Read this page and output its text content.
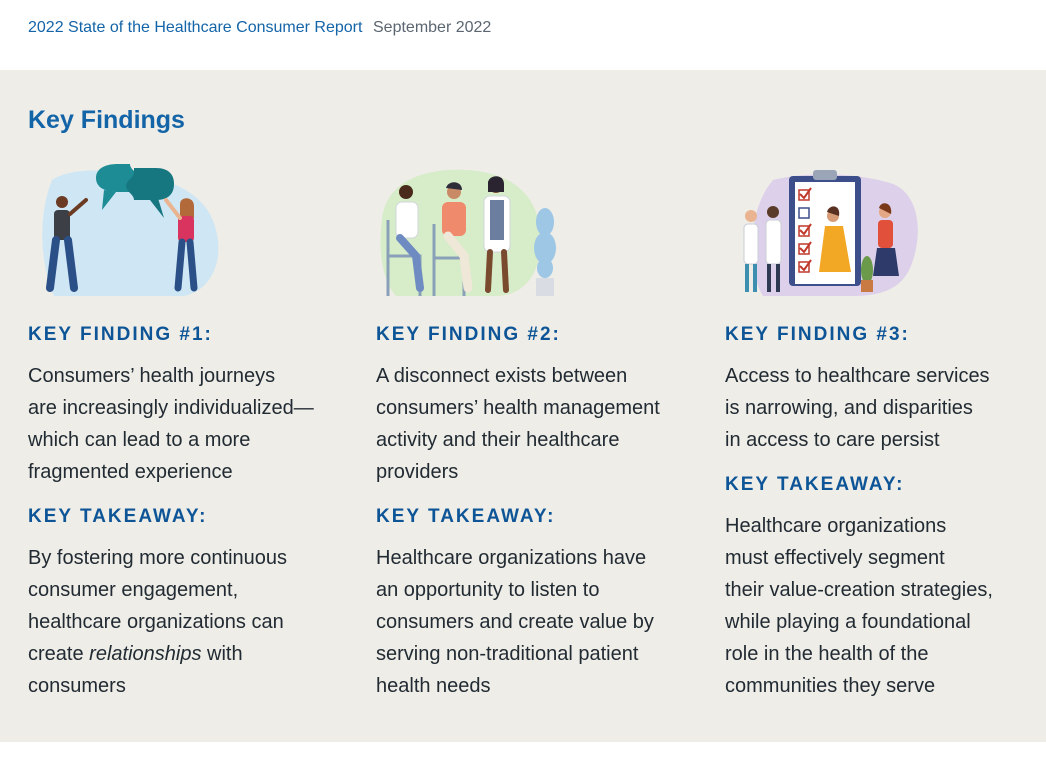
2022 State of the Healthcare Consumer Report September 2022
Key Findings
KEY FINDING #1:
Consumers’ health journeys
are increasingly individualized—
which can lead to a more
fragmented experience
KEY TAKEAWAY:
By fostering more continuous
consumer engagement,
healthcare organizations can
create relationships with
consumers
KEY FINDING #2:
A disconnect exists between
consumers’ health management
activity and their healthcare
providers
KEY TAKEAWAY:
Healthcare organizations have
an opportunity to listen to
consumers and create value by
serving non-traditional patient
health needs
KEY FINDING #3:
Access to healthcare services
is narrowing, and disparities
in access to care persist
KEY TAKEAWAY:
Healthcare organizations
must effectively segment
their value-creation strategies,
while playing a foundational
role in the health of the
communities they serve
